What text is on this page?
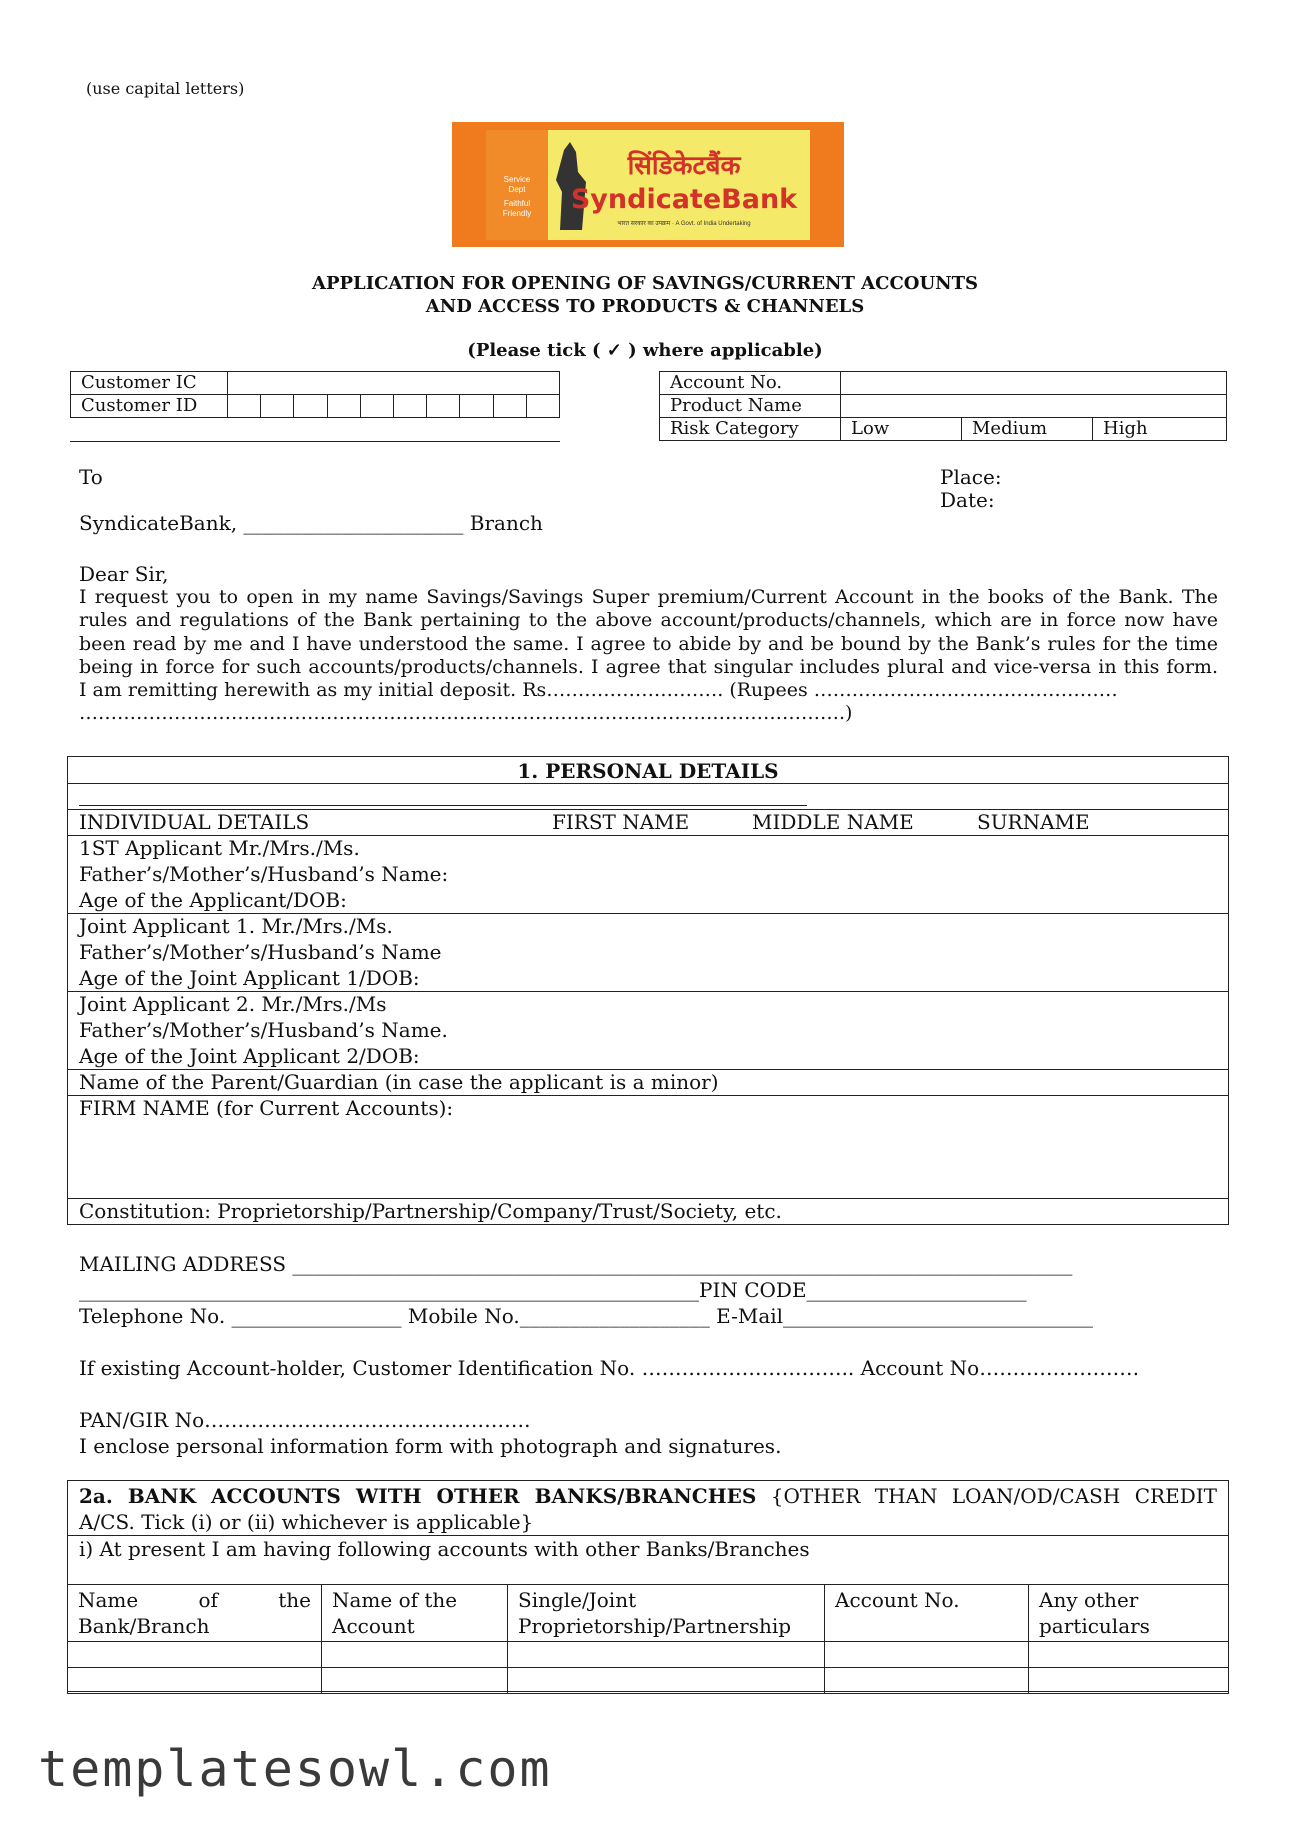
(use capital letters)
Service
Dept
Faithful
Friendly
सिंडिकेटबैंक
SyndicateBank
भारत सरकार का उपक्रम · A Govt. of India Undertaking
APPLICATION FOR OPENING OF SAVINGS/CURRENT ACCOUNTS
AND ACCESS TO PRODUCTS & CHANNELS
(Please tick ( ✓ ) where applicable)
Customer IC										
Customer ID										
Account No.			
Product Name			
Risk Category	Low	Medium	High
To
SyndicateBank, ______________________ Branch
Place:
Date:
Dear Sir,
I request you to open in my name Savings/Savings Super premium/Current Account in the books of the Bank. The
rules and regulations of the Bank pertaining to the above account/products/channels, which are in force now have
been read by me and I have understood the same. I agree to abide by and be bound by the Bank’s rules for the time
being in force for such accounts/products/channels. I agree that singular includes plural and vice-versa in this form.
I am remitting herewith as my initial deposit. Rs………………………. (Rupees …………………………………………
………………………………………………………………………………………………………….)
1. PERSONAL DETAILS
INDIVIDUAL DETAILS	FIRST NAME	MIDDLE NAME	SURNAME
1ST Applicant Mr./Mrs./Ms.
Father’s/Mother’s/Husband’s Name:
Age of the Applicant/DOB:
Joint Applicant 1. Mr./Mrs./Ms.
Father’s/Mother’s/Husband’s Name
Age of the Joint Applicant 1/DOB:
Joint Applicant 2. Mr./Mrs./Ms
Father’s/Mother’s/Husband’s Name.
Age of the Joint Applicant 2/DOB:
Name of the Parent/Guardian (in case the applicant is a minor)
FIRM NAME (for Current Accounts):
Constitution: Proprietorship/Partnership/Company/Trust/Society, etc.
MAILING ADDRESS ______________________________________________________________________________
______________________________________________________________PIN CODE______________________
Telephone No. _________________ Mobile No.___________________ E-Mail_______________________________
If existing Account-holder, Customer Identification No. ………………………….. Account No……………………
PAN/GIR No………………………………………….
I enclose personal information form with photograph and signatures.
2a. BANK ACCOUNTS WITH OTHER BANKS/BRANCHES {OTHER THAN LOAN/OD/CASH CREDIT
A/CS. Tick (i) or (ii) whichever is applicable}
i) At present I am having following accounts with other Banks/Branches
Name of the Bank/Branch	Name of the Account	Single/Joint Proprietorship/Partnership	Account No.	Any other particulars

templatesowl.com
